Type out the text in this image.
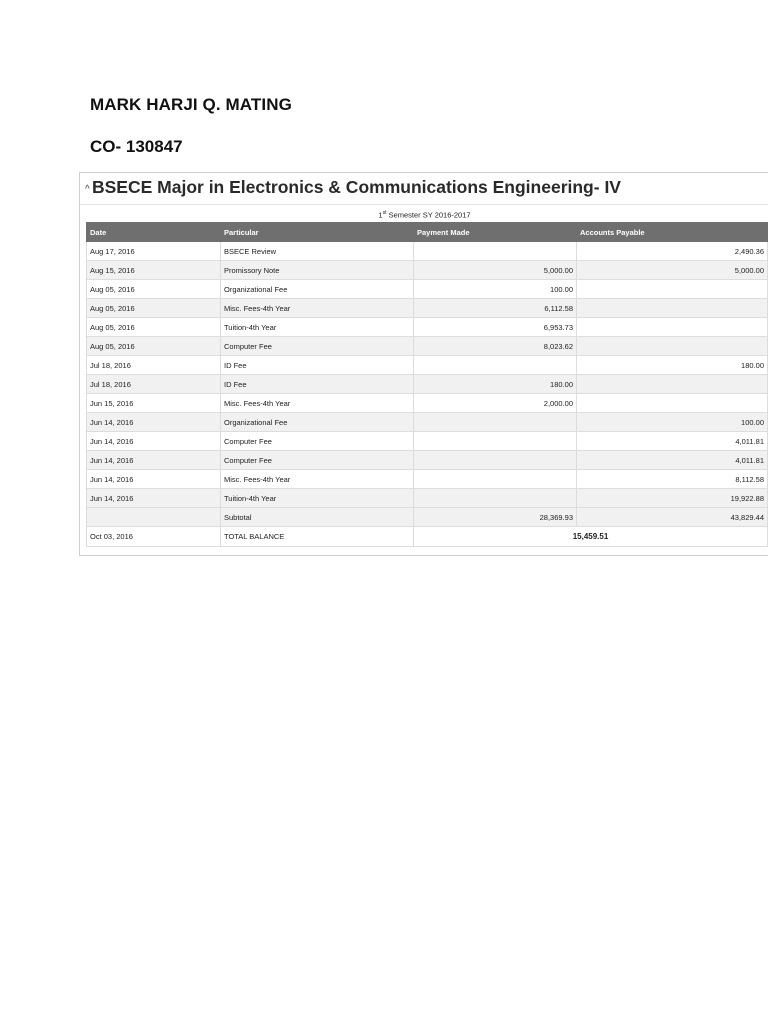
MARK HARJI Q. MATING
CO- 130847
^ BSECE Major in Electronics & Communications Engineering- IV
1st Semester SY 2016-2017
Date	Particular	Payment Made	Accounts Payable
Aug 17, 2016	BSECE Review		2,490.36
Aug 15, 2016	Promissory Note	5,000.00	5,000.00
Aug 05, 2016	Organizational Fee	100.00	
Aug 05, 2016	Misc. Fees-4th Year	6,112.58	
Aug 05, 2016	Tuition-4th Year	6,953.73	
Aug 05, 2016	Computer Fee	8,023.62	
Jul 18, 2016	ID Fee		180.00
Jul 18, 2016	ID Fee	180.00	
Jun 15, 2016	Misc. Fees-4th Year	2,000.00	
Jun 14, 2016	Organizational Fee		100.00
Jun 14, 2016	Computer Fee		4,011.81
Jun 14, 2016	Computer Fee		4,011.81
Jun 14, 2016	Misc. Fees-4th Year		8,112.58
Jun 14, 2016	Tuition-4th Year		19,922.88
	Subtotal	28,369.93	43,829.44
Oct 03, 2016	TOTAL BALANCE	15,459.51	
